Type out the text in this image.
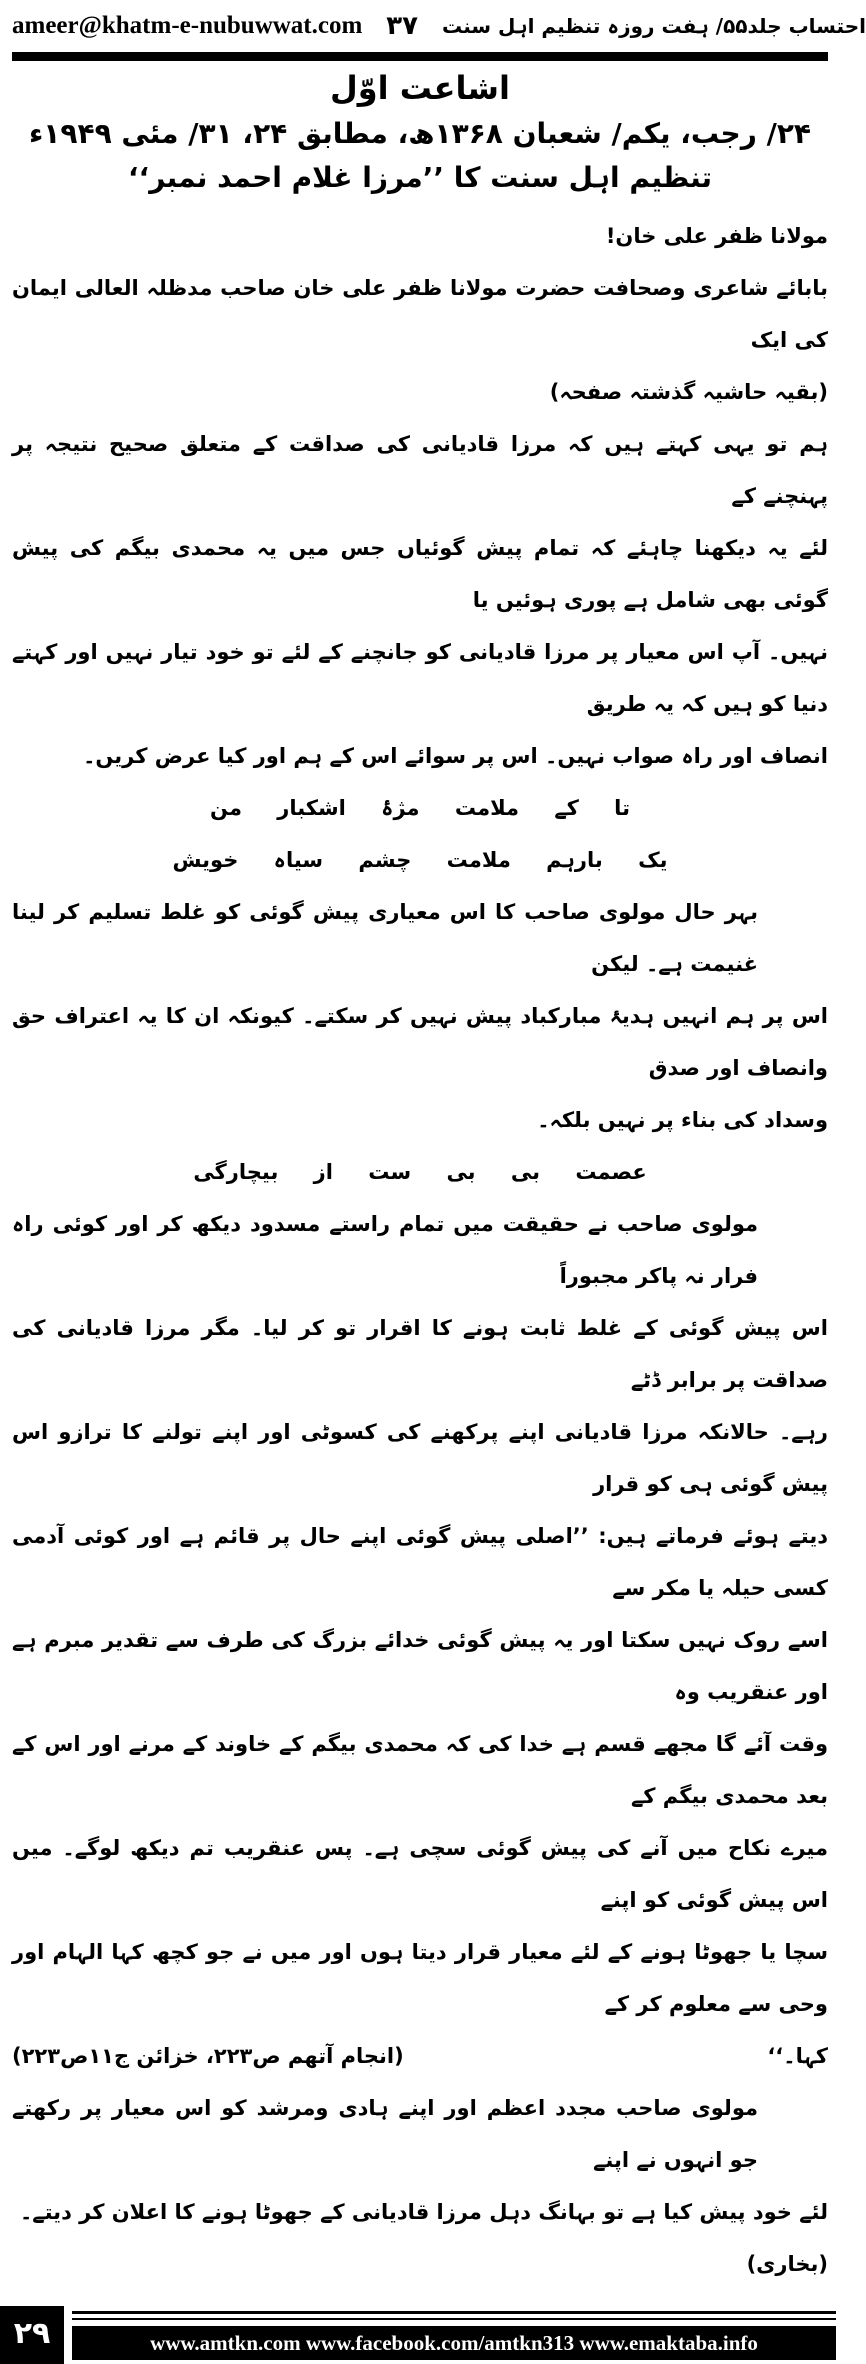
ameer@khatm-e-nubuwwat.com ۳۷ احتساب جلد۵۵/ ہفت روزہ تنظیم اہل سنت
اشاعت اوّل
۲۴/ رجب، یکم/ شعبان ۱۳۶۸ھ، مطابق ۲۴، ۳۱/ مئی ۱۹۴۹ء
تنظیم اہل سنت کا ’’مرزا غلام احمد نمبر‘‘
مولانا ظفر علی خان!
بابائے شاعری وصحافت حضرت مولانا ظفر علی خان صاحب مدظلہ العالی ایمان کی ایک
(بقیہ حاشیہ گذشتہ صفحہ)
ہم تو یہی کہتے ہیں کہ مرزا قادیانی کی صداقت کے متعلق صحیح نتیجہ پر پہنچنے کے
لئے یہ دیکھنا چاہئے کہ تمام پیش گوئیاں جس میں یہ محمدی بیگم کی پیش گوئی بھی شامل ہے پوری ہوئیں یا
نہیں۔ آپ اس معیار پر مرزا قادیانی کو جانچنے کے لئے تو خود تیار نہیں اور کہتے دنیا کو ہیں کہ یہ طریق
انصاف اور راہ صواب نہیں۔ اس پر سوائے اس کے ہم اور کیا عرض کریں۔
تا کے ملامت مژۂ اشکبار من
یک بارہم ملامت چشم سیاہ خویش
بہر حال مولوی صاحب کا اس معیاری پیش گوئی کو غلط تسلیم کر لینا غنیمت ہے۔ لیکن
اس پر ہم انہیں ہدیۂ مبارکباد پیش نہیں کر سکتے۔ کیونکہ ان کا یہ اعتراف حق وانصاف اور صدق
وسداد کی بناء پر نہیں بلکہ۔
عصمت بی بی ست از بیچارگی
مولوی صاحب نے حقیقت میں تمام راستے مسدود دیکھ کر اور کوئی راہ فرار نہ پاکر مجبوراً
اس پیش گوئی کے غلط ثابت ہونے کا اقرار تو کر لیا۔ مگر مرزا قادیانی کی صداقت پر برابر ڈٹے
رہے۔ حالانکہ مرزا قادیانی اپنے پرکھنے کی کسوٹی اور اپنے تولنے کا ترازو اس پیش گوئی ہی کو قرار
دیتے ہوئے فرماتے ہیں: ’’اصلی پیش گوئی اپنے حال پر قائم ہے اور کوئی آدمی کسی حیلہ یا مکر سے
اسے روک نہیں سکتا اور یہ پیش گوئی خدائے بزرگ کی طرف سے تقدیر مبرم ہے اور عنقریب وہ
وقت آئے گا مجھے قسم ہے خدا کی کہ محمدی بیگم کے خاوند کے مرنے اور اس کے بعد محمدی بیگم کے
میرے نکاح میں آنے کی پیش گوئی سچی ہے۔ پس عنقریب تم دیکھ لوگے۔ میں اس پیش گوئی کو اپنے
سچا یا جھوٹا ہونے کے لئے معیار قرار دیتا ہوں اور میں نے جو کچھ کہا الہام اور وحی سے معلوم کر کے
کہا۔‘‘
(انجام آتھم ص۲۲۳، خزائن ج۱۱ص۲۲۳)
مولوی صاحب مجدد اعظم اور اپنے ہادی ومرشد کو اس معیار پر رکھتے جو انہوں نے اپنے
لئے خود پیش کیا ہے تو بہانگ دہل مرزا قادیانی کے جھوٹا ہونے کا اعلان کر دیتے۔
(بخاری)
۲۹	www.amtkn.com www.facebook.com/amtkn313 www.emaktaba.info
